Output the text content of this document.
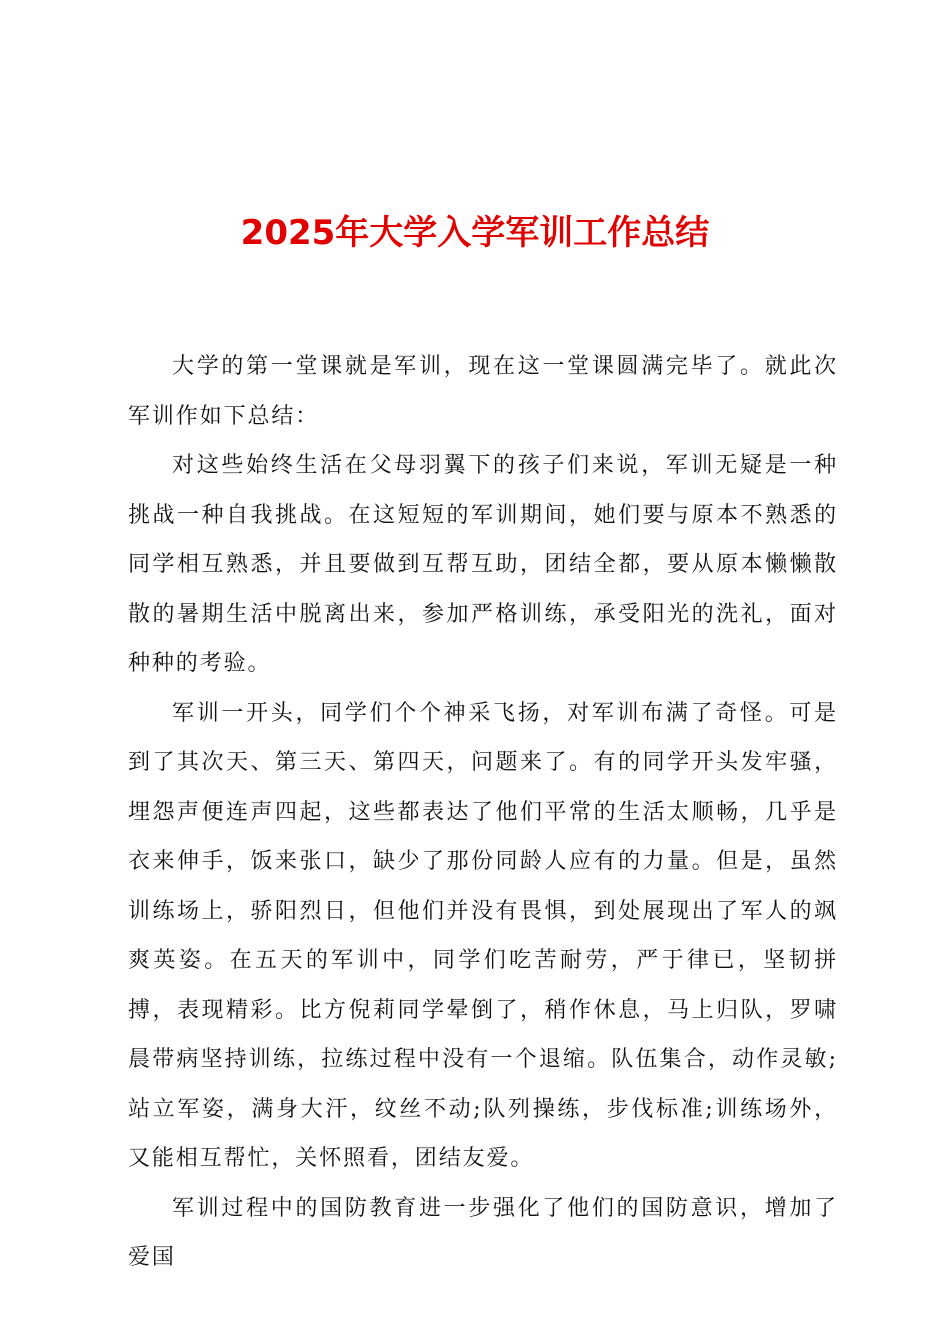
2025年大学入学军训工作总结

大学的第一堂课就是军训，现在这一堂课圆满完毕了。就此次军训作如下总结：

对这些始终生活在父母羽翼下的孩子们来说，军训无疑是一种挑战一种自我挑战。在这短短的军训期间，她们要与原本不熟悉的同学相互熟悉，并且要做到互帮互助，团结全都，要从原本懒懒散散的暑期生活中脱离出来，参加严格训练，承受阳光的洗礼，面对种种的考验。

军训一开头，同学们个个神采飞扬，对军训布满了奇怪。可是到了其次天、第三天、第四天，问题来了。有的同学开头发牢骚，埋怨声便连声四起，这些都表达了他们平常的生活太顺畅，几乎是衣来伸手，饭来张口，缺少了那份同龄人应有的力量。但是，虽然训练场上，骄阳烈日，但他们并没有畏惧，到处展现出了军人的飒爽英姿。在五天的军训中，同学们吃苦耐劳，严于律已，坚韧拼搏，表现精彩。比方倪莉同学晕倒了，稍作休息，马上归队，罗啸晨带病坚持训练，拉练过程中没有一个退缩。队伍集合，动作灵敏;站立军姿，满身大汗，纹丝不动;队列操练，步伐标准;训练场外，又能相互帮忙，关怀照看，团结友爱。

军训过程中的国防教育进一步强化了他们的国防意识，增加了爱国
